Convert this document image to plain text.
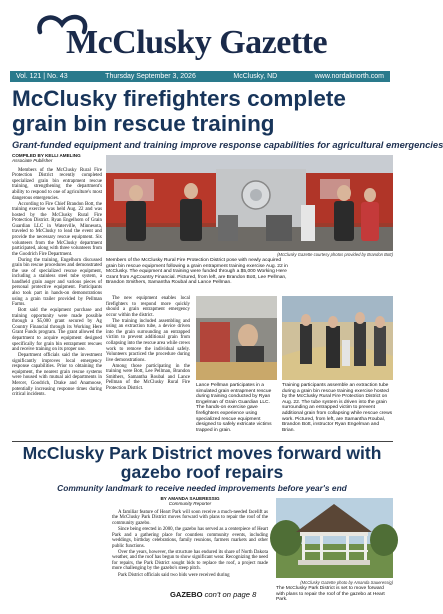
McClusky Gazette
Vol. 121 | No. 43	Thursday September 3, 2026	McClusky, ND	www.nordaknorth.com
McClusky firefighters complete grain bin rescue training
Grant-funded equipment and training improve response capabilities for agricultural emergencies
COMPILED BY KELLI AMELING
Associate Publisher

Members of the McClusky Rural Fire Protection District recently completed specialized grain bin entrapment rescue training, strengthening the department's ability to respond to one of agriculture's most dangerous emergencies.

According to Fire Chief Brandon Bott, the training exercise was held Aug. 22 and was hosted by the McClusky Rural Fire Protection District. Ryan Engelhorn of Grain Guardian LLC in Waterville, Minnesota, traveled to McClusky to lead the event and provide the necessary rescue equipment. Six volunteers from the McClusky department participated, along with three volunteers from the Goodrich Fire Department.

During the training, Engelhorn discussed grain bin rescue procedures and demonstrated the use of specialized rescue equipment, including a stainless steel tube system, a handheld grain auger and various pieces of personal protective equipment. Participants also took part in hands-on demonstrations using a grain trailer provided by Pellman Farms.

Bott said the equipment purchase and training opportunity were made possible through a $5,000 grant secured by Ag Country Financial through its Working Here Grant Funds program. The grant allowed the department to acquire equipment designed specifically for grain bin entrapment rescues and receive training on its proper use.

Department officials said the investment significantly improves local emergency response capabilities. Prior to obtaining the equipment, the nearest grain rescue systems were housed with mutual aid departments in Mercer, Goodrich, Drake and Anamoose, potentially increasing response times during critical incidents.

(McClusky Gazette courtesy photos provided by Brandon Bott)
Members of the McClusky Rural Fire Protection District pose with newly acquired grain bin rescue equipment following a grain entrapment training exercise Aug. 22 in McClusky. The equipment and training were funded through a $5,000 Working Here Grant from AgCountry Financial. Pictured, from left, are Brandon Bott, Lee Pellman, Brandon Smithers, Samantha Roubal and Lance Pellman.

The new equipment enables local firefighters to respond more quickly should a grain entrapment emergency occur within the district.

The training included assembling and using an extraction tube, a device driven into the grain surrounding an entrapped victim to prevent additional grain from collapsing into the rescue area while crews work to remove the individual safely. Volunteers practiced the procedure during live demonstrations.

Among those participating in the training were Bott, Lee Pellman, Brandon Smithers, Samantha Roubal and Lance Pellman of the McClusky Rural Fire Protection District.

Lance Pellman participates in a simulated grain entrapment rescue during training conducted by Ryan Engelman of Grain Guardian LLC. The hands-on exercise gave firefighters experience using specialized rescue equipment designed to safely extricate victims trapped in grain.
Training participants assemble an extraction tube during a grain bin rescue training exercise hosted by the McClusky Rural Fire Protection District on Aug. 22. The tube system is driven into the grain surrounding an entrapped victim to prevent additional grain from collapsing while rescue crews work. Pictured, from left, are Samantha Roubal, Brandon Bott, instructor Ryan Engelman and Brian.
McClusky Park District moves forward with gazebo roof repairs
Community landmark to receive needed improvements before year's end
BY AMANDA SAUERESSIG
Community Reporter

A familiar feature of Heart Park will soon receive a much-needed facelift as the McClusky Park District moves forward with plans to repair the roof of the community gazebo.

Since being erected in 2000, the gazebo has served as a centerpiece of Heart Park and a gathering place for countless community events, including weddings, birthday celebrations, family reunions, farmers markets and other public functions.

Over the years, however, the structure has endured its share of North Dakota weather, and the roof has begun to show significant wear. Recognizing the need for repairs, the Park District sought bids to replace the roof, a project made more challenging by the gazebo's steep pitch.

Park District officials said two bids were received during

GAZEBO con't on page 8
(McClusky Gazette photo by Amanda Saueressig)
The McClusky Park District is set to move forward with plans to repair the roof of the gazebo at Heart Park.
